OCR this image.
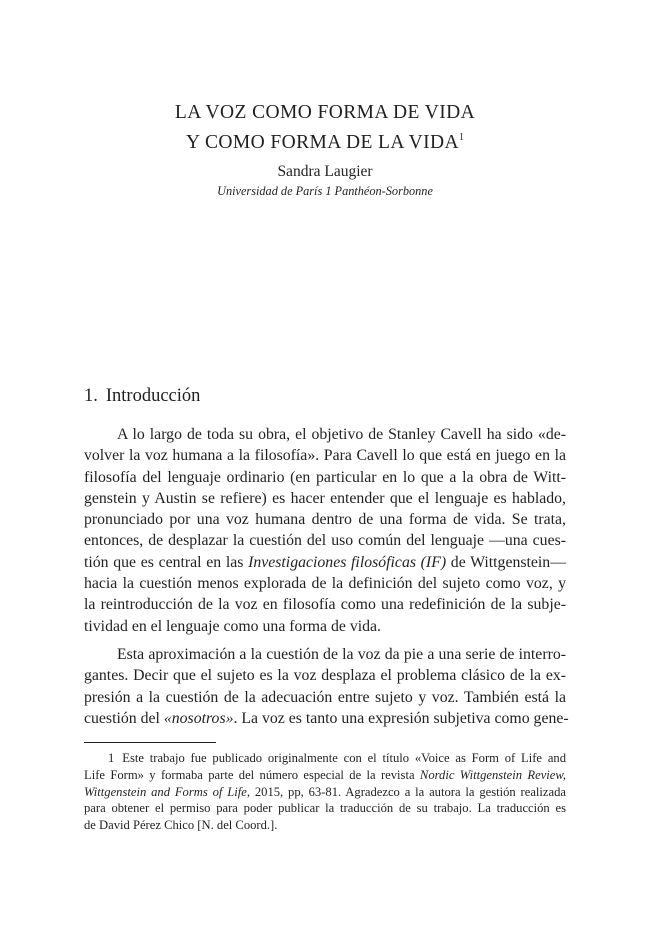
LA VOZ COMO FORMA DE VIDA
Y COMO FORMA DE LA VIDA$^1$
Sandra Laugier
Universidad de París 1 Panthéon-Sorbonne
1. Introducción
A lo largo de toda su obra, el objetivo de Stanley Cavell ha sido «de-
volver la voz humana a la filosofía». Para Cavell lo que está en juego en la
filosofía del lenguaje ordinario (en particular en lo que a la obra de Witt-
genstein y Austin se refiere) es hacer entender que el lenguaje es hablado,
pronunciado por una voz humana dentro de una forma de vida. Se trata,
entonces, de desplazar la cuestión del uso común del lenguaje —una cues-
tión que es central en las Investigaciones filosóficas (IF) de Wittgenstein—
hacia la cuestión menos explorada de la definición del sujeto como voz, y
la reintroducción de la voz en filosofía como una redefinición de la subje-
tividad en el lenguaje como una forma de vida.
Esta aproximación a la cuestión de la voz da pie a una serie de interro-
gantes. Decir que el sujeto es la voz desplaza el problema clásico de la ex-
presión a la cuestión de la adecuación entre sujeto y voz. También está la
cuestión del «nosotros». La voz es tanto una expresión subjetiva como gene-
1 Este trabajo fue publicado originalmente con el título «Voice as Form of Life and
Life Form» y formaba parte del número especial de la revista Nordic Wittgenstein Review,
Wittgenstein and Forms of Life, 2015, pp, 63-81. Agradezco a la autora la gestión realizada
para obtener el permiso para poder publicar la traducción de su trabajo. La traducción es
de David Pérez Chico [N. del Coord.].
